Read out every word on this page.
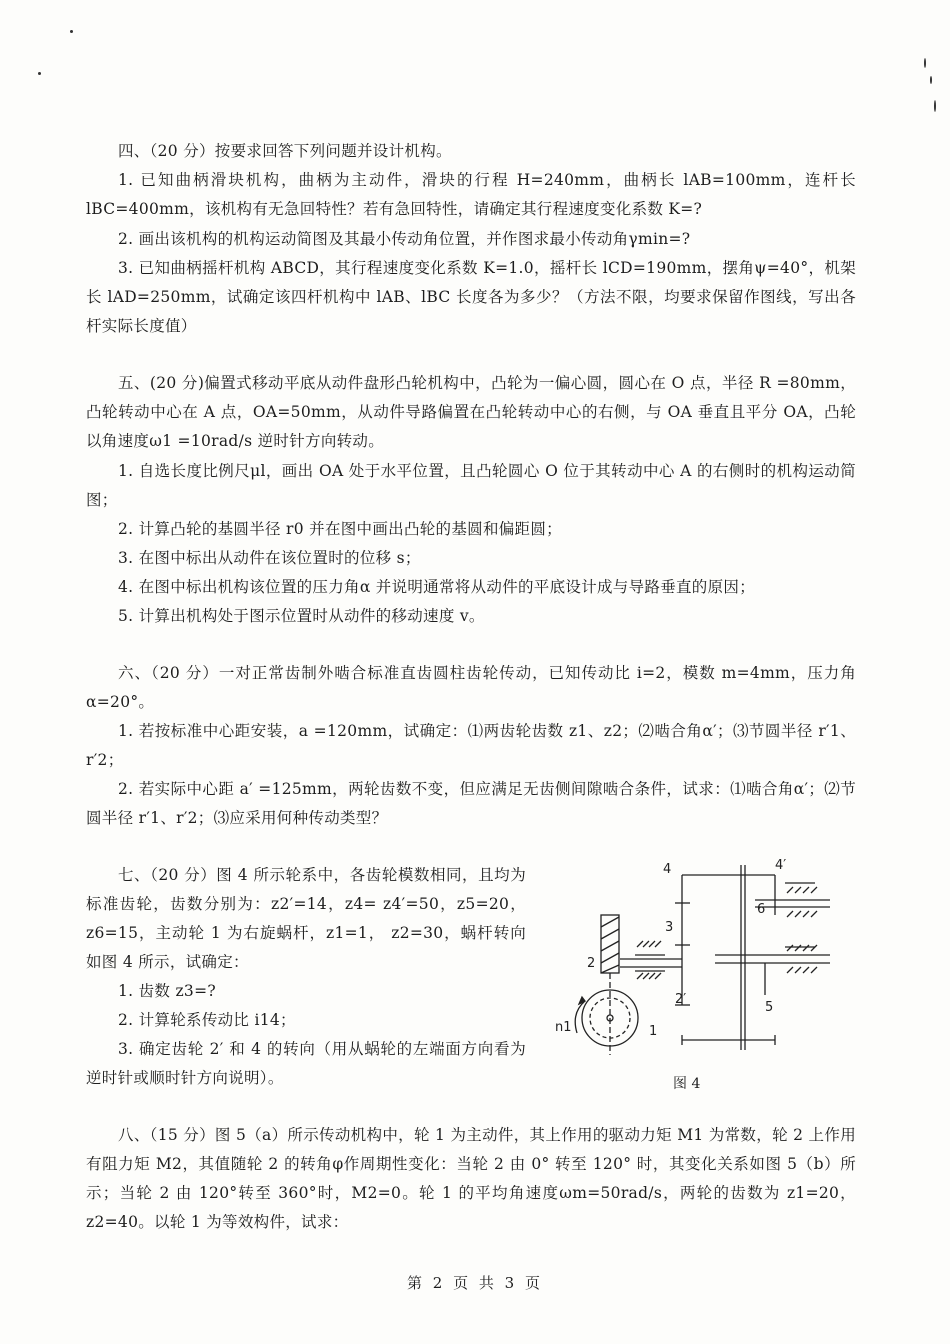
四、（20 分）按要求回答下列问题并设计机构。

1. 已知曲柄滑块机构，曲柄为主动件，滑块的行程 H=240mm，曲柄长 lAB=100mm，连杆长 lBC=400mm，该机构有无急回特性？若有急回特性，请确定其行程速度变化系数 K=?

2. 画出该机构的机构运动简图及其最小传动角位置，并作图求最小传动角γmin=?

3. 已知曲柄摇杆机构 ABCD，其行程速度变化系数 K=1.0，摇杆长 lCD=190mm，摆角ψ=40°，机架长 lAD=250mm，试确定该四杆机构中 lAB、lBC 长度各为多少？（方法不限，均要求保留作图线，写出各杆实际长度值）

五、(20 分)偏置式移动平底从动件盘形凸轮机构中，凸轮为一偏心圆，圆心在 O 点，半径 R =80mm，凸轮转动中心在 A 点，OA=50mm，从动件导路偏置在凸轮转动中心的右侧，与 OA 垂直且平分 OA，凸轮以角速度ω1 =10rad/s 逆时针方向转动。

1. 自选长度比例尺μl，画出 OA 处于水平位置，且凸轮圆心 O 位于其转动中心 A 的右侧时的机构运动简图；

2. 计算凸轮的基圆半径 r0 并在图中画出凸轮的基圆和偏距圆；

3. 在图中标出从动件在该位置时的位移 s；

4. 在图中标出机构该位置的压力角α 并说明通常将从动件的平底设计成与导路垂直的原因；

5. 计算出机构处于图示位置时从动件的移动速度 v。

六、（20 分）一对正常齿制外啮合标准直齿圆柱齿轮传动，已知传动比 i=2，模数 m=4mm，压力角α=20°。

1. 若按标准中心距安装，a =120mm，试确定：⑴两齿轮齿数 z1、z2；⑵啮合角α′；⑶节圆半径 r′1、r′2；

2. 若实际中心距 a′ =125mm，两轮齿数不变，但应满足无齿侧间隙啮合条件，试求：⑴啮合角α′；⑵节圆半径 r′1、r′2；⑶应采用何种传动类型？

七、（20 分）图 4 所示轮系中，各齿轮模数相同，且均为标准齿轮，齿数分别为：z2′=14，z4= z4′=50，z5=20，z6=15，主动轮 1 为右旋蜗杆，z1=1， z2=30，蜗杆转向如图 4 所示，试确定：

1. 齿数 z3=?

2. 计算轮系传动比 i14；

3. 确定齿轮 2′ 和 4 的转向（用从蜗轮的左端面方向看为逆时针或顺时针方向说明）。

4	4′
6
3
2
2′
5
1
n1
图 4

八、（15 分）图 5（a）所示传动机构中，轮 1 为主动件，其上作用的驱动力矩 M1 为常数，轮 2 上作用有阻力矩 M2，其值随轮 2 的转角φ作周期性变化：当轮 2 由 0° 转至 120° 时，其变化关系如图 5（b）所示；当轮 2 由 120°转至 360°时，M2=0。轮 1 的平均角速度ωm=50rad/s，两轮的齿数为 z1=20， z2=40。以轮 1 为等效构件，试求：

第 2 页 共 3 页
